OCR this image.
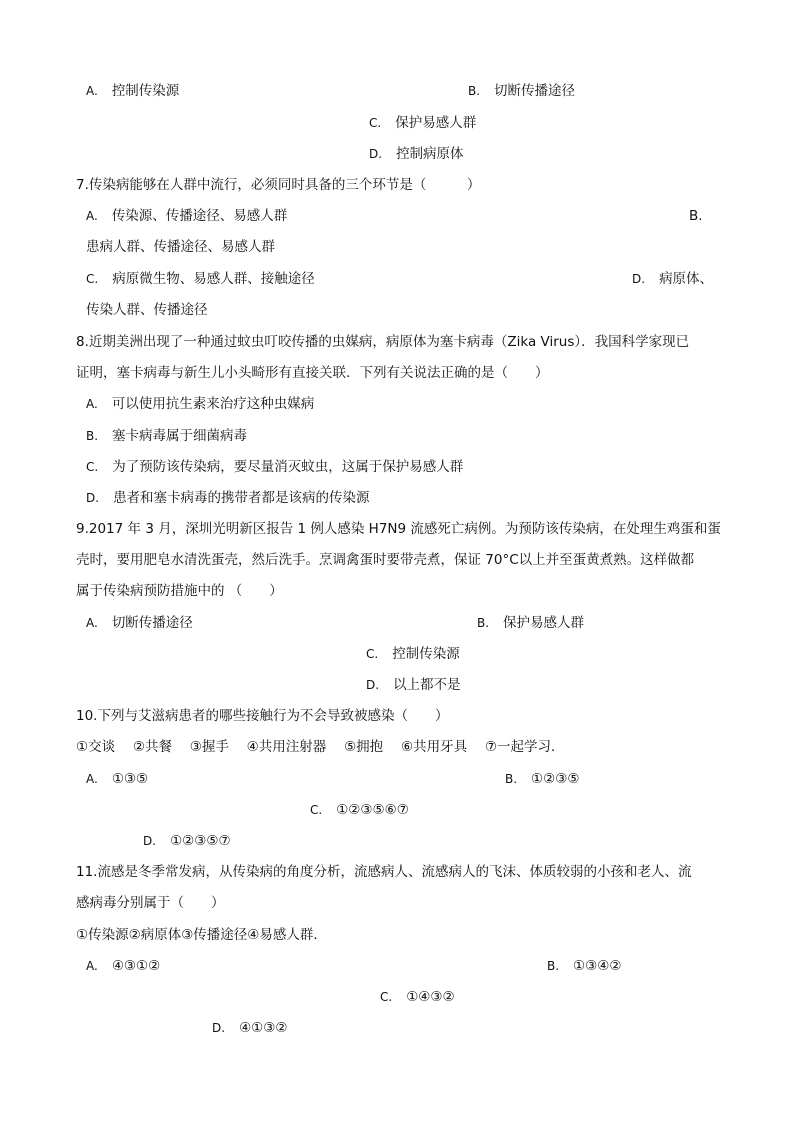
A. 控制传染源	B. 切断传播途径
C. 保护易感人群
D. 控制病原体
7.传染病能够在人群中流行，必须同时具备的三个环节是（　　　）
A. 传染源、传播途径、易感人群	B.
患病人群、传播途径、易感人群
C. 病原微生物、易感人群、接触途径	D. 病原体、
传染人群、传播途径
8.近期美洲出现了一种通过蚊虫叮咬传播的虫媒病，病原体为塞卡病毒（Zika Virus）．我国科学家现已
证明，塞卡病毒与新生儿小头畸形有直接关联．下列有关说法正确的是（　　）
A. 可以使用抗生素来治疗这种虫媒病
B. 塞卡病毒属于细菌病毒
C. 为了预防该传染病，要尽量消灭蚊虫，这属于保护易感人群
D. 患者和塞卡病毒的携带者都是该病的传染源
9.2017 年 3 月，深圳光明新区报告 1 例人感染 H7N9 流感死亡病例。为预防该传染病，在处理生鸡蛋和蛋
壳时，要用肥皂水清洗蛋壳，然后洗手。烹调禽蛋时要带壳煮，保证 70°C以上并至蛋黄煮熟。这样做都
属于传染病预防措施中的 （　　）
A. 切断传播途径	B. 保护易感人群
C. 控制传染源
D. 以上都不是
10.下列与艾滋病患者的哪些接触行为不会导致被感染（　　）
①交谈　 ②共餐　 ③握手　 ④共用注射器　 ⑤拥抱　 ⑥共用牙具　 ⑦一起学习．
A. ①③⑤	B. ①②③⑤
C. ①②③⑤⑥⑦
D. ①②③⑤⑦
11.流感是冬季常发病，从传染病的角度分析，流感病人、流感病人的飞沫、体质较弱的小孩和老人、流
感病毒分别属于（　　）
①传染源②病原体③传播途径④易感人群．
A. ④③①②	B. ①③④②
C. ①④③②
D. ④①③②
